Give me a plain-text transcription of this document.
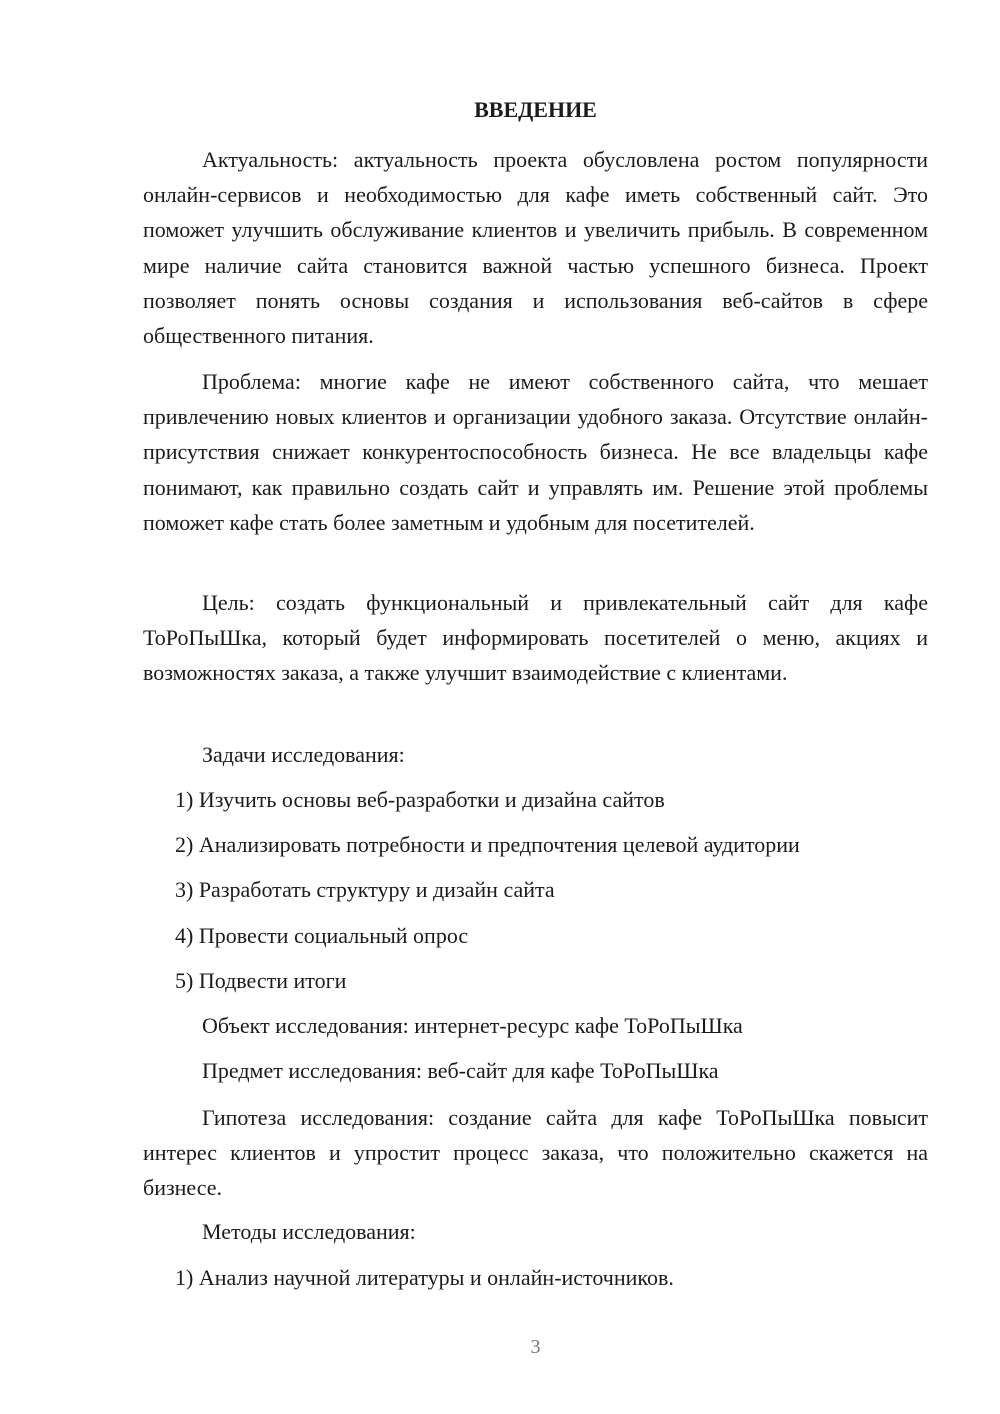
ВВЕДЕНИЕ

Актуальность: актуальность проекта обусловлена ростом популярности онлайн-сервисов и необходимостью для кафе иметь собственный сайт. Это поможет улучшить обслуживание клиентов и увеличить прибыль. В современном мире наличие сайта становится важной частью успешного бизнеса. Проект позволяет понять основы создания и использования веб-сайтов в сфере общественного питания.

Проблема: многие кафе не имеют собственного сайта, что мешает привлечению новых клиентов и организации удобного заказа. Отсутствие онлайн-присутствия снижает конкурентоспособность бизнеса. Не все владельцы кафе понимают, как правильно создать сайт и управлять им. Решение этой проблемы поможет кафе стать более заметным и удобным для посетителей.

Цель: создать функциональный и привлекательный сайт для кафе ТоРоПыШка, который будет информировать посетителей о меню, акциях и возможностях заказа, а также улучшит взаимодействие с клиентами.

Задачи исследования:

1) Изучить основы веб-разработки и дизайна сайтов

2) Анализировать потребности и предпочтения целевой аудитории

3) Разработать структуру и дизайн сайта

4) Провести социальный опрос

5) Подвести итоги

Объект исследования: интернет-ресурс кафе ТоРоПыШка

Предмет исследования: веб-сайт для кафе ТоРоПыШка

Гипотеза исследования: создание сайта для кафе ТоРоПыШка повысит интерес клиентов и упростит процесс заказа, что положительно скажется на бизнесе.

Методы исследования:

1) Анализ научной литературы и онлайн-источников.

3
